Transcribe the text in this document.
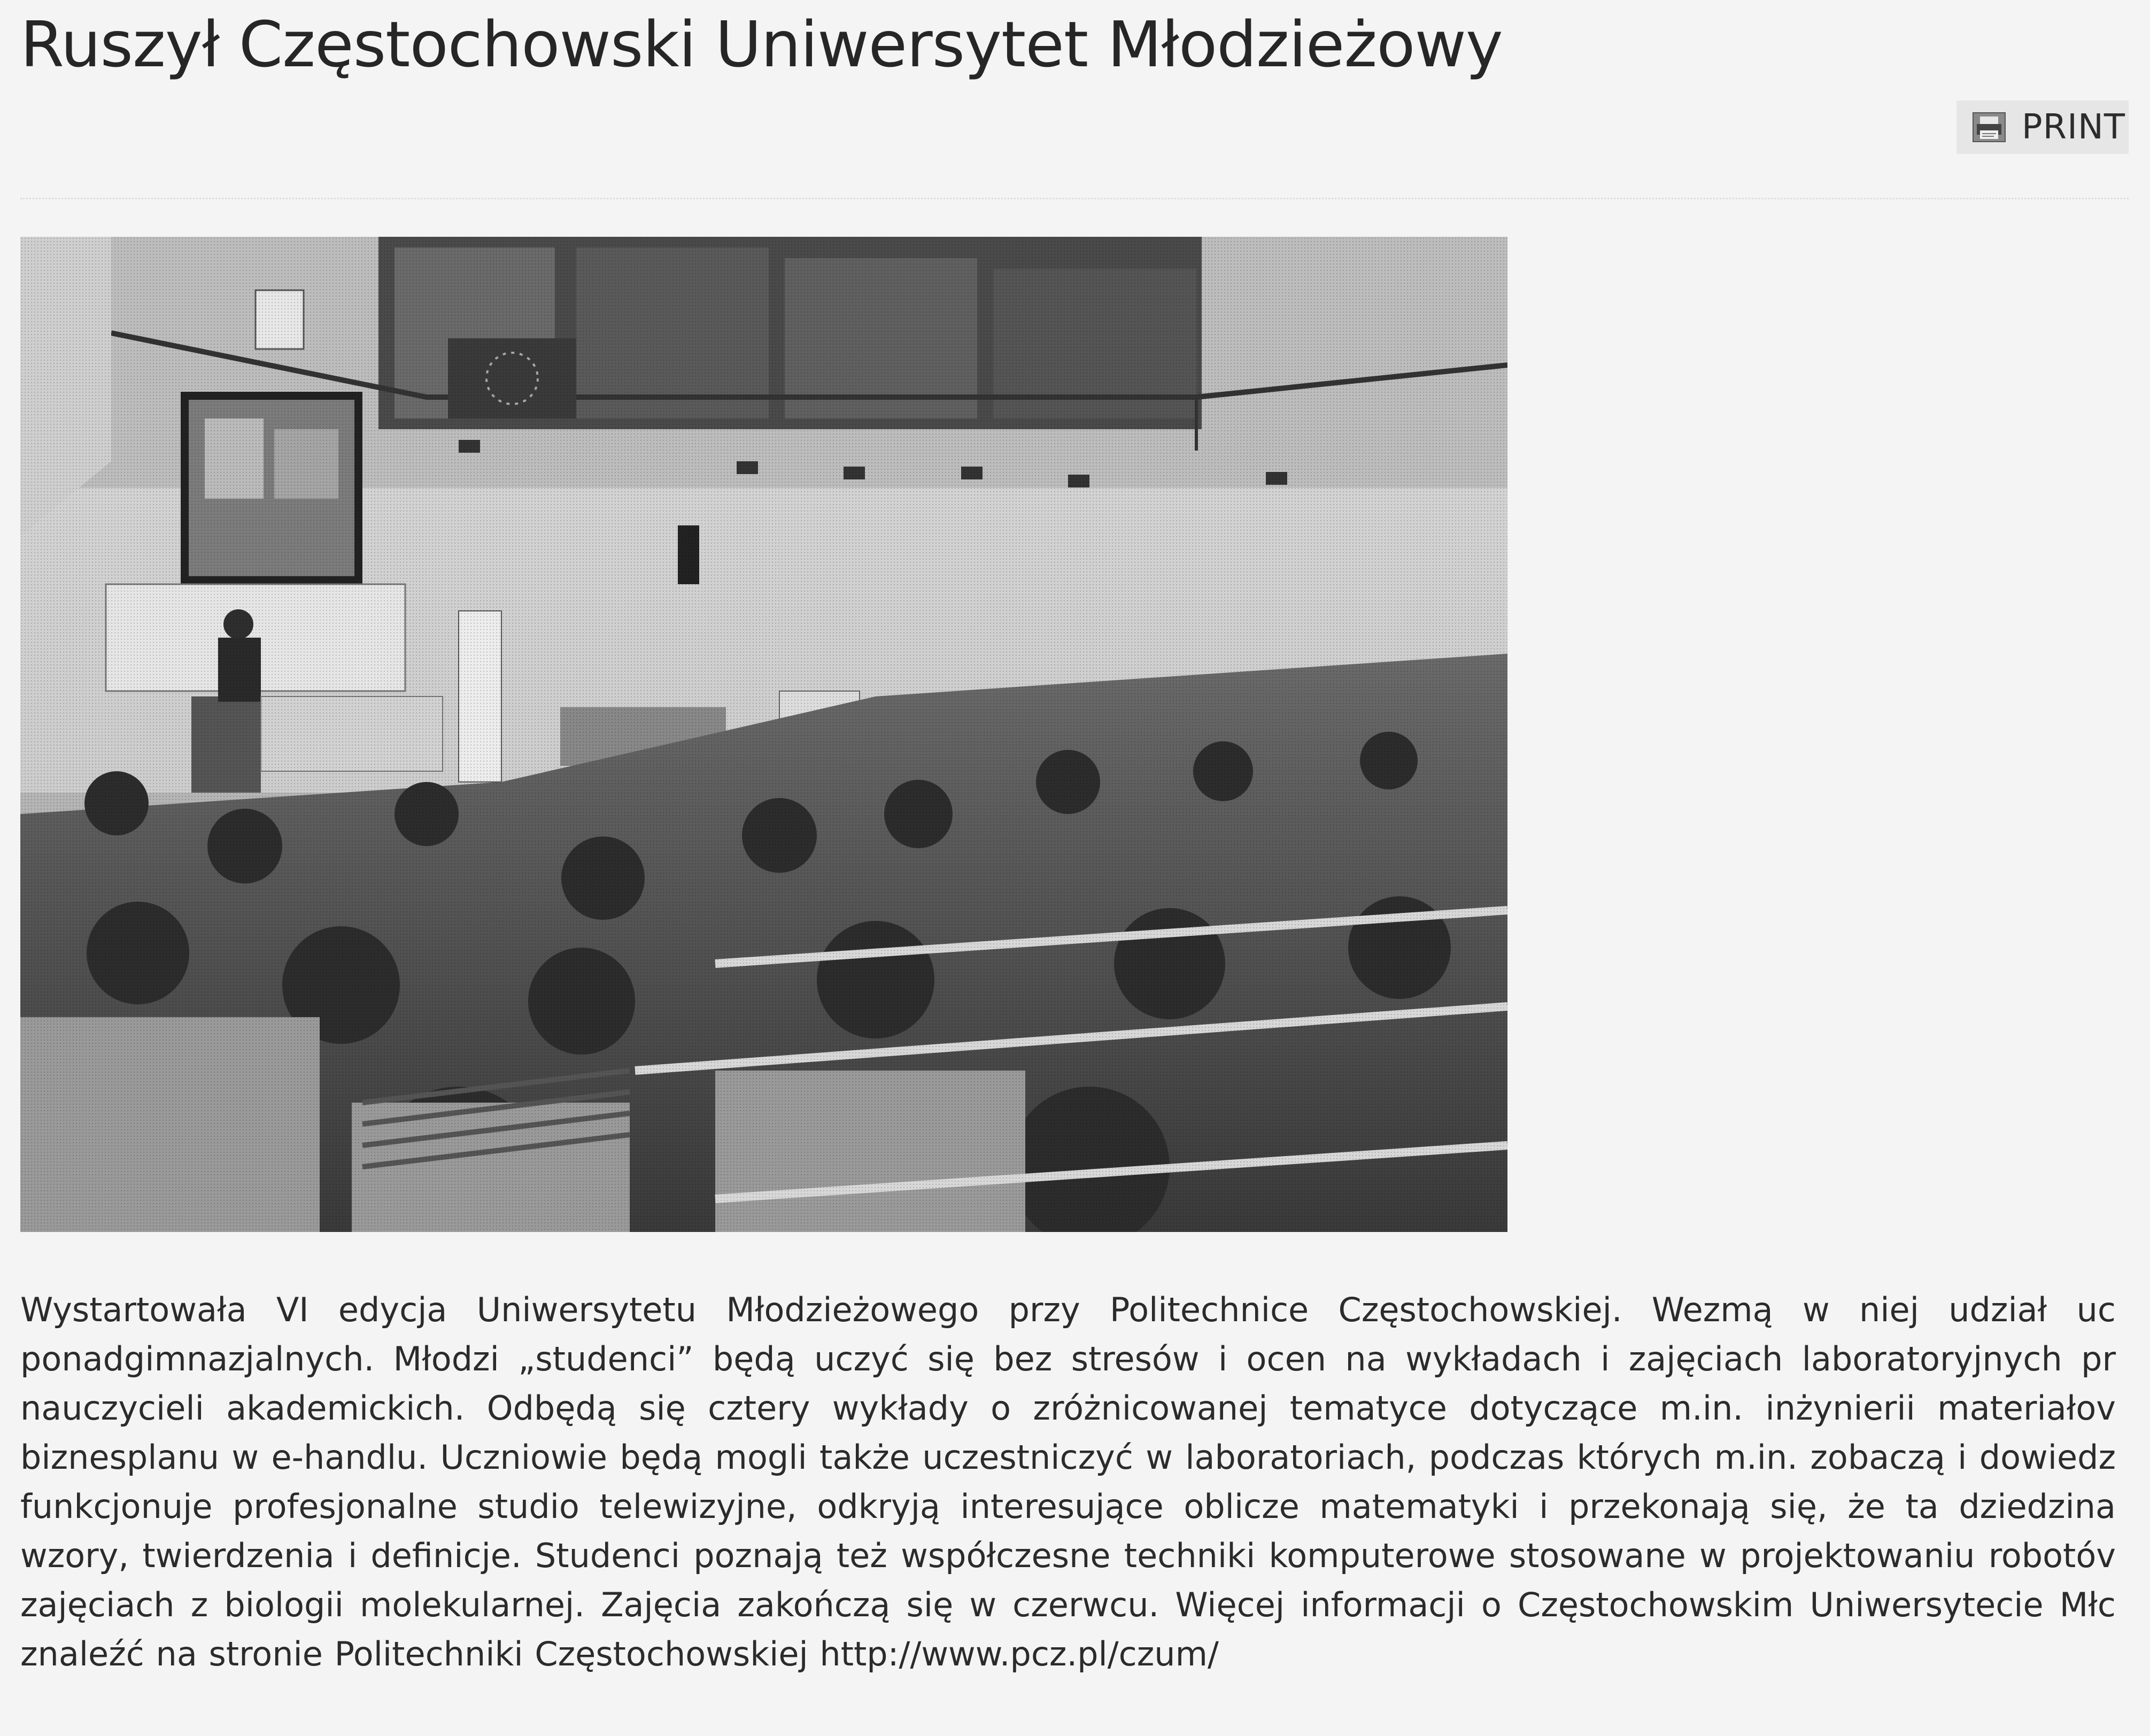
Ruszył Częstochowski Uniwersytet Młodzieżowy
PRINT

Wystartowała VI edycja Uniwersytetu Młodzieżowego przy Politechnice Częstochowskiej. Wezmą w niej udział uc ponadgimnazjalnych. Młodzi „studenci” będą uczyć się bez stresów i ocen na wykładach i zajęciach laboratoryjnych pr nauczycieli akademickich. Odbędą się cztery wykłady o zróżnicowanej tematyce dotyczące m.in. inżynierii materiałov biznesplanu w e-handlu. Uczniowie będą mogli także uczestniczyć w laboratoriach, podczas których m.in. zobaczą i dowiedz funkcjonuje profesjonalne studio telewizyjne, odkryją interesujące oblicze matematyki i przekonają się, że ta dziedzina wzory, twierdzenia i definicje. Studenci poznają też współczesne techniki komputerowe stosowane w projektowaniu robotóv zajęciach z biologii molekularnej. Zajęcia zakończą się w czerwcu. Więcej informacji o Częstochowskim Uniwersytecie Młc znaleźć na stronie Politechniki Częstochowskiej http://www.pcz.pl/czum/
